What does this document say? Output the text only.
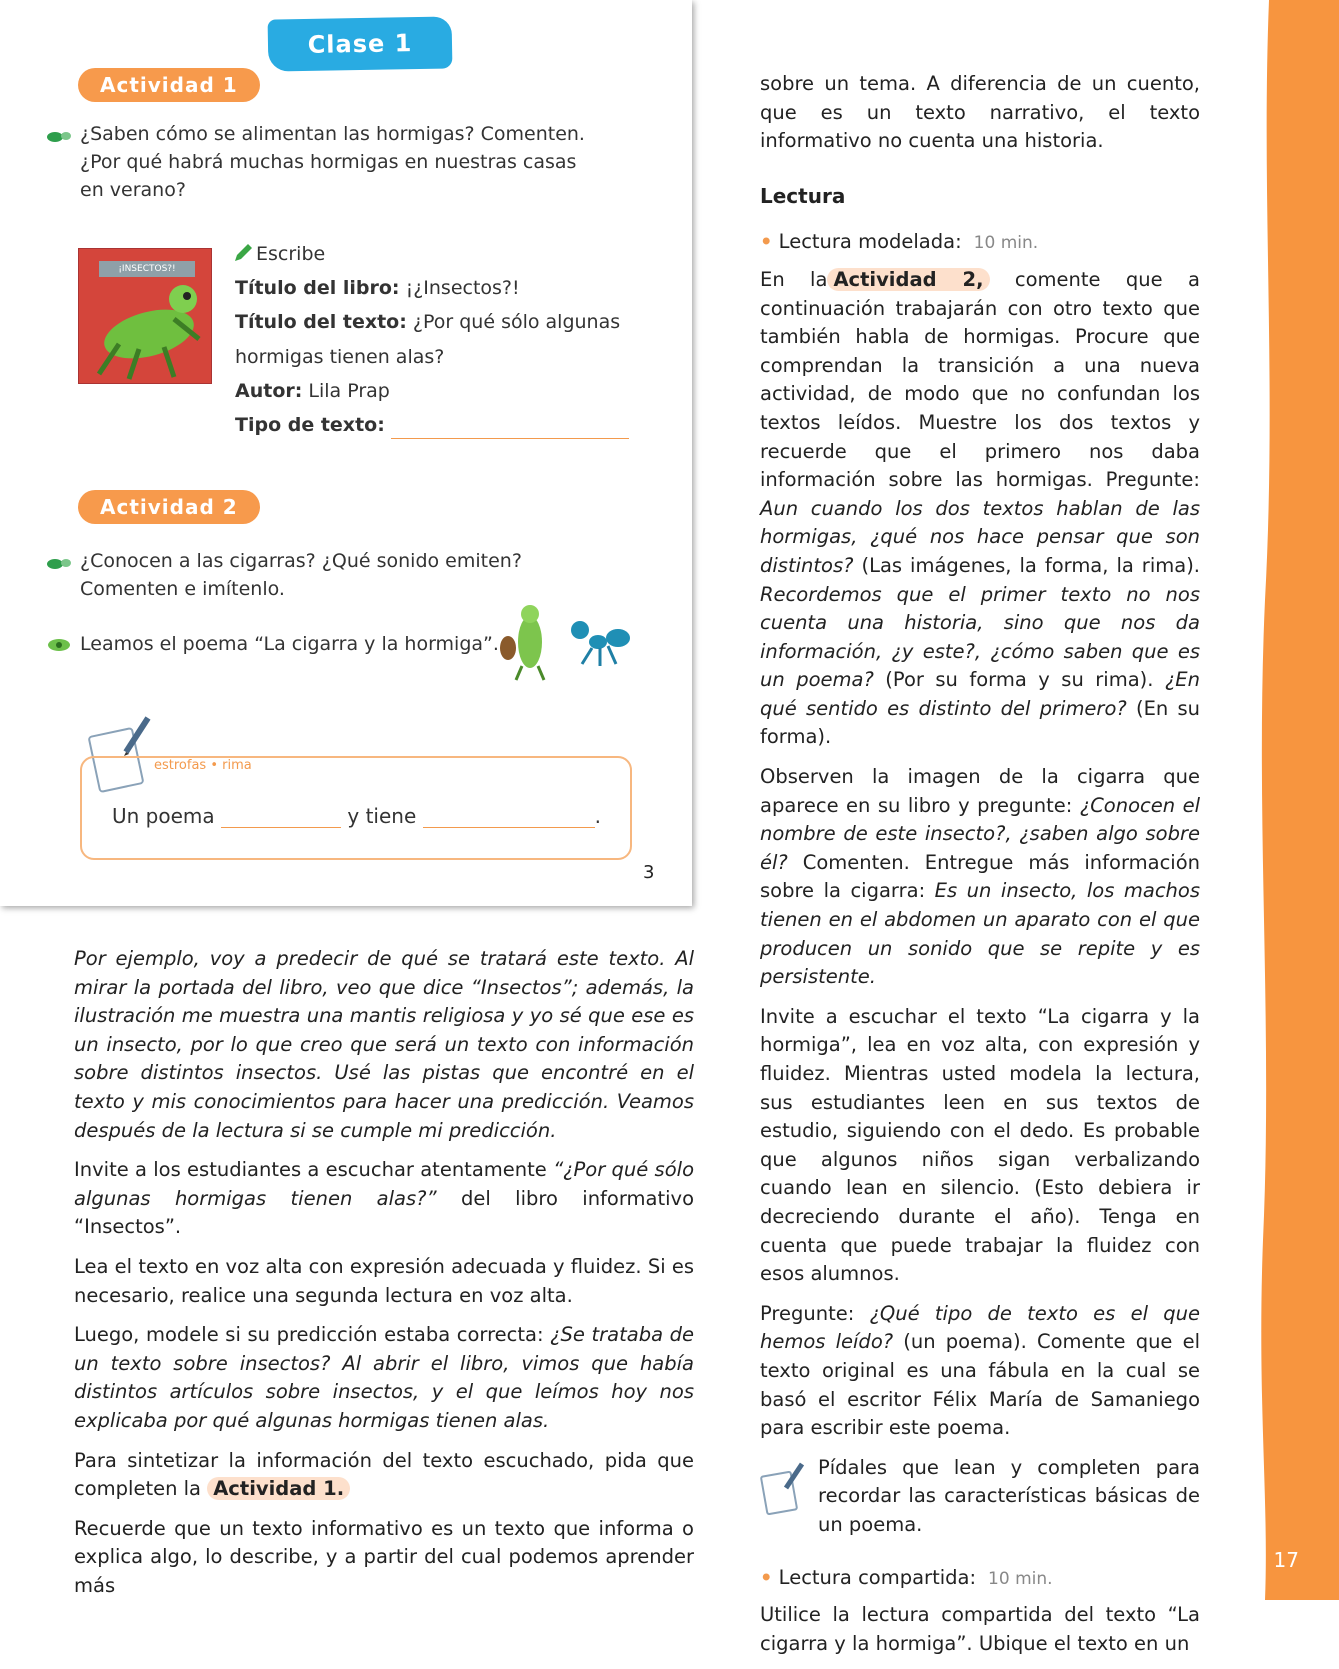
17
Clase 1
Actividad 1
¿Saben cómo se alimentan las hormigas? Comenten.
¿Por qué habrá muchas hormigas en nuestras casas
en verano?
¡INSECTOS?!
Escribe
Título del libro: ¡¿Insectos?!
Título del texto: ¿Por qué sólo algunas
hormigas tienen alas?
Autor: Lila Prap
Tipo de texto:
Actividad 2
¿Conocen a las cigarras? ¿Qué sonido emiten?
Comenten e imítenlo.
Leamos el poema “La cigarra y la hormiga”.
estrofas • rima
Un poema	y tiene	.
3

sobre un tema. A diferencia de un cuento, que es un texto narrativo, el texto informativo no cuenta una historia.

Lectura

• Lectura modelada: 10 min.

En la Actividad 2, comente que a continuación trabajarán con otro texto que también habla de hormigas. Procure que comprendan la transición a una nueva actividad, de modo que no confundan los textos leídos. Muestre los dos textos y recuerde que el primero nos daba información sobre las hormigas. Pregunte: Aun cuando los dos textos hablan de las hormigas, ¿qué nos hace pensar que son distintos? (Las imágenes, la forma, la rima). Recordemos que el primer texto no nos cuenta una historia, sino que nos da información, ¿y este?, ¿cómo saben que es un poema? (Por su forma y su rima). ¿En qué sentido es distinto del primero? (En su forma).

Observen la imagen de la cigarra que aparece en su libro y pregunte: ¿Conocen el nombre de este insecto?, ¿saben algo sobre él? Comenten. Entregue más información sobre la cigarra: Es un insecto, los machos tienen en el abdomen un aparato con el que producen un sonido que se repite y es persistente.

Invite a escuchar el texto “La cigarra y la hormiga”, lea en voz alta, con expresión y fluidez. Mientras usted modela la lectura, sus estudiantes leen en sus textos de estudio, siguiendo con el dedo. Es probable que algunos niños sigan verbalizando cuando lean en silencio. (Esto debiera ir decreciendo durante el año). Tenga en cuenta que puede trabajar la fluidez con esos alumnos.

Pregunte: ¿Qué tipo de texto es el que hemos leído? (un poema). Comente que el texto original es una fábula en la cual se basó el escritor Félix María de Samaniego para escribir este poema.

Pídales que lean y completen para recordar las características básicas de un poema.

• Lectura compartida: 10 min.

Utilice la lectura compartida del texto “La cigarra y la hormiga”. Ubique el texto en un

Por ejemplo, voy a predecir de qué se tratará este texto. Al mirar la portada del libro, veo que dice “Insectos”; además, la ilustración me muestra una mantis religiosa y yo sé que ese es un insecto, por lo que creo que será un texto con información sobre distintos insectos. Usé las pistas que encontré en el texto y mis conocimientos para hacer una predicción. Veamos después de la lectura si se cumple mi predicción.

Invite a los estudiantes a escuchar atentamente “¿Por qué sólo algunas hormigas tienen alas?” del libro informativo “Insectos”.

Lea el texto en voz alta con expresión adecuada y fluidez. Si es necesario, realice una segunda lectura en voz alta.

Luego, modele si su predicción estaba correcta: ¿Se trataba de un texto sobre insectos? Al abrir el libro, vimos que había distintos artículos sobre insectos, y el que leímos hoy nos explicaba por qué algunas hormigas tienen alas.

Para sintetizar la información del texto escuchado, pida que completen la Actividad 1.

Recuerde que un texto informativo es un texto que informa o explica algo, lo describe, y a partir del cual podemos aprender más
